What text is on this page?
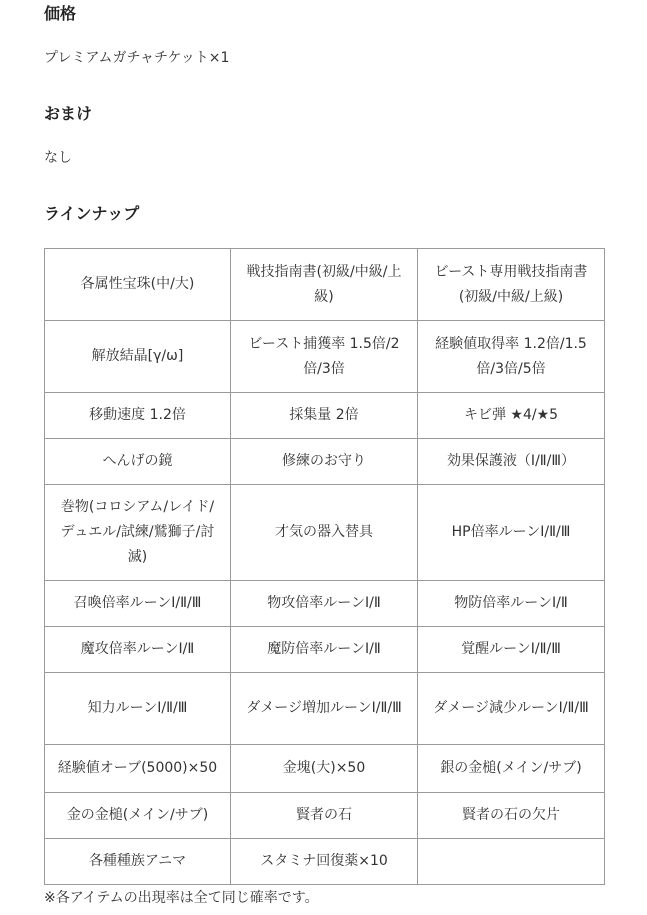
価格

プレミアムガチャチケット×1

おまけ

なし

ラインナップ
各属性宝珠(中/大)	戦技指南書(初級/中級/上級)	ビースト専用戦技指南書(初級/中級/上級)
解放結晶[γ/ω]	ビースト捕獲率 1.5倍/2倍/3倍	経験値取得率 1.2倍/1.5倍/3倍/5倍
移動速度 1.2倍	採集量 2倍	キビ弾 ★4/★5
へんげの鏡	修練のお守り	効果保護液（Ⅰ/Ⅱ/Ⅲ）
巻物(コロシアム/レイド/デュエル/試練/鷲獅子/討滅)	才気の器入替具	HP倍率ルーンⅠ/Ⅱ/Ⅲ
召喚倍率ルーンⅠ/Ⅱ/Ⅲ	物攻倍率ルーンⅠ/Ⅱ	物防倍率ルーンⅠ/Ⅱ
魔攻倍率ルーンⅠ/Ⅱ	魔防倍率ルーンⅠ/Ⅱ	覚醒ルーンⅠ/Ⅱ/Ⅲ
知力ルーンⅠ/Ⅱ/Ⅲ	ダメージ増加ルーンⅠ/Ⅱ/Ⅲ	ダメージ減少ルーンⅠ/Ⅱ/Ⅲ
経験値オーブ(5000)×50	金塊(大)×50	銀の金槌(メイン/サブ)
金の金槌(メイン/サブ)	賢者の石	賢者の石の欠片
各種種族アニマ	スタミナ回復薬×10	

※各アイテムの出現率は全て同じ確率です。
